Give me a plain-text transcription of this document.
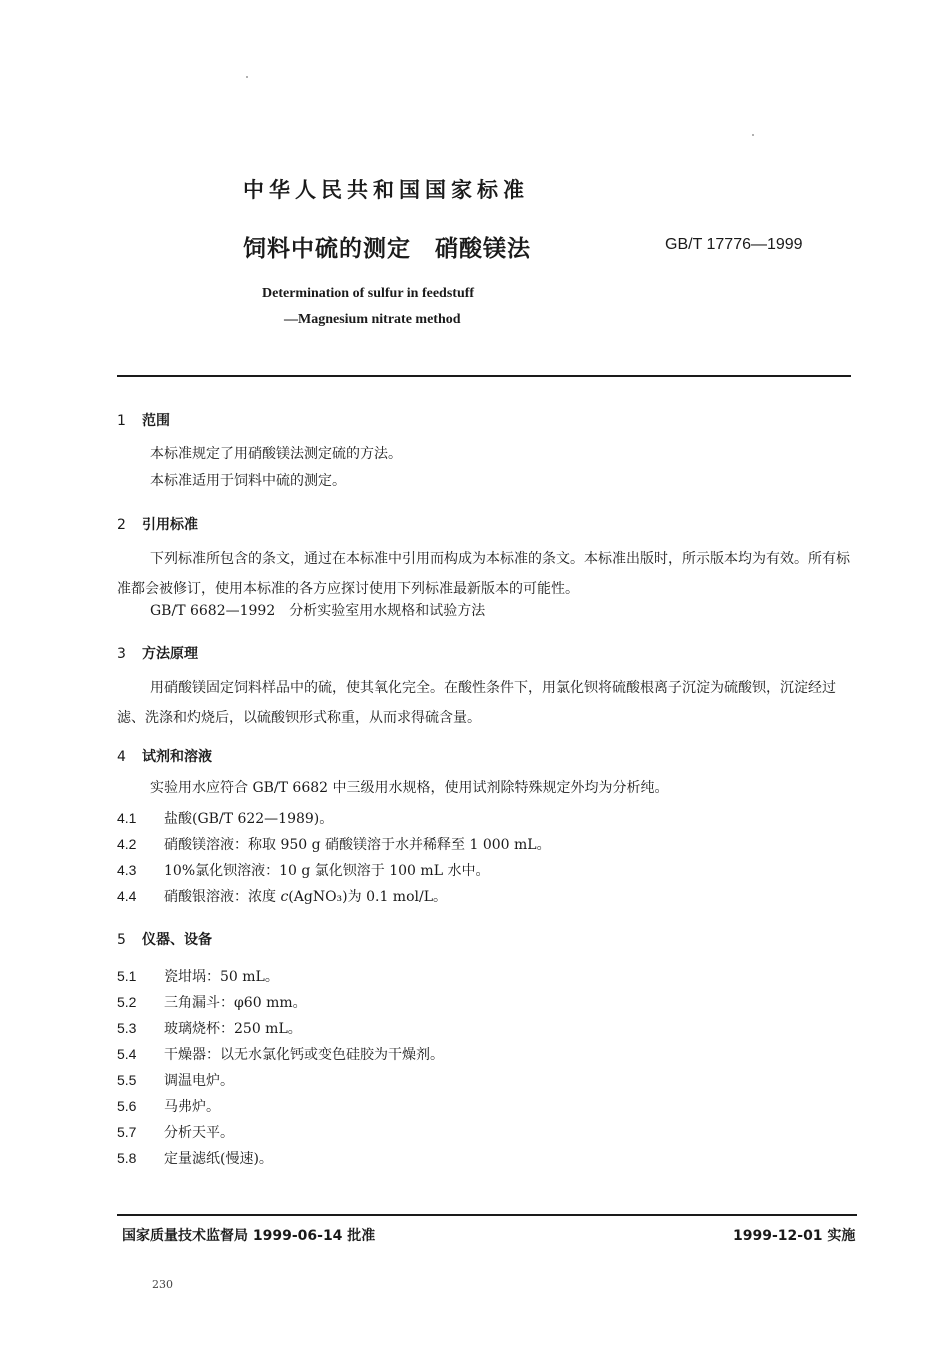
中华人民共和国国家标准
饲料中硫的测定　硝酸镁法	GB/T 17776—1999
Determination of sulfur in feedstuff
—Magnesium nitrate method
1 范围
本标准规定了用硝酸镁法测定硫的方法。
本标准适用于饲料中硫的测定。
2 引用标准
下列标准所包含的条文，通过在本标准中引用而构成为本标准的条文。本标准出版时，所示版本均为有效。所有标准都会被修订，使用本标准的各方应探讨使用下列标准最新版本的可能性。
GB/T 6682—1992　分析实验室用水规格和试验方法
3 方法原理
用硝酸镁固定饲料样品中的硫，使其氧化完全。在酸性条件下，用氯化钡将硫酸根离子沉淀为硫酸钡，沉淀经过滤、洗涤和灼烧后，以硫酸钡形式称重，从而求得硫含量。
4 试剂和溶液
实验用水应符合 GB/T 6682 中三级用水规格，使用试剂除特殊规定外均为分析纯。
4.1 盐酸(GB/T 622—1989)。
4.2 硝酸镁溶液：称取 950 g 硝酸镁溶于水并稀释至 1 000 mL。
4.3 10%氯化钡溶液：10 g 氯化钡溶于 100 mL 水中。
4.4 硝酸银溶液：浓度 c(AgNO₃)为 0.1 mol/L。
5 仪器、设备
5.1 瓷坩埚：50 mL。
5.2 三角漏斗：φ60 mm。
5.3 玻璃烧杯：250 mL。
5.4 干燥器：以无水氯化钙或变色硅胶为干燥剂。
5.5 调温电炉。
5.6 马弗炉。
5.7 分析天平。
5.8 定量滤纸(慢速)。
国家质量技术监督局 1999-06-14 批准	1999-12-01 实施
230
